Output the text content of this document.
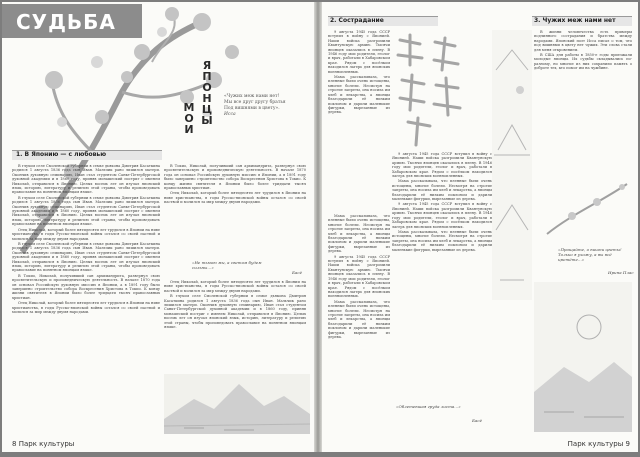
СУДЬБА
ЯПОНЦЫ
МОИ
«Чужих меж нами нет!
Мы все друг другу братья
Под вишнями в цвету».
Исса
1. В Японию — с любовью

В глухом селе Смоленской губернии в семье дьякона Дмитрия Касаткина родился 1 августа 1836 года сын Иван. Мальчик рано лишился матери. Окончив духовную семинарию, Иван стал студентом Санкт-Петербургской духовной академии и в 1860 году, приняв монашеский постриг с именем Николай, отправился в Японию. Целых восемь лет он изучал японский язык, историю, литературу и религию этой страны, чтобы проповедовать православие на понятном японцам языке.

В глухом селе Смоленской губернии в семье дьякона Дмитрия Касаткина родился 1 августа 1836 года сын Иван. Мальчик рано лишился матери. Окончив духовную семинарию, Иван стал студентом Санкт-Петербургской духовной академии и в 1860 году, приняв монашеский постриг с именем Николай, отправился в Японию. Целых восемь лет он изучал японский язык, историю, литературу и религию этой страны, чтобы проповедовать православие на понятном японцам языке.

Отец Николай, который более пятидесяти лет трудился в Японии на ниве христианства, в годы Русско-японской войны остался со своей паствой и молился за мир между двумя народами.

В глухом селе Смоленской губернии в семье дьякона Дмитрия Касаткина родился 1 августа 1836 года сын Иван. Мальчик рано лишился матери. Окончив духовную семинарию, Иван стал студентом Санкт-Петербургской духовной академии и в 1860 году, приняв монашеский постриг с именем Николай, отправился в Японию. Целых восемь лет он изучал японский язык, историю, литературу и религию этой страны, чтобы проповедовать православие на понятном японцам языке.

В Токио, Николай, получивший сан архимандрита, развернул свою просветительскую и проповедническую деятельность. В начале 1870 года он основал Российскую духовную миссию в Японии, а в 1891 году было завершено строительство собора Воскресения Христова в Токио. К концу жизни святителя в Японии было более тридцати тысяч православных христиан.

Отец Николай, который более пятидесяти лет трудился в Японии на ниве христианства, в годы Русско-японской войны остался со своей паствой и молился за мир между двумя народами.

В Токио, Николай, получивший сан архимандрита, развернул свою просветительскую и проповедническую деятельность. В начале 1870 года он основал Российскую духовную миссию в Японии, а в 1891 году было завершено строительство собора Воскресения Христова в Токио. К концу жизни святителя в Японии было более тридцати тысяч православных христиан.

Отец Николай, который более пятидесяти лет трудился в Японии на ниве христианства, в годы Русско-японской войны остался со своей паствой и молился за мир между двумя народами.

«Не тьмою мы, а светом будем сильны…»
Басё

Отец Николай, который более пятидесяти лет трудился в Японии на ниве христианства, в годы Русско-японской войны остался со своей паствой и молился за мир между двумя народами.

В глухом селе Смоленской губернии в семье дьякона Дмитрия Касаткина родился 1 августа 1836 года сын Иван. Мальчик рано лишился матери. Окончив духовную семинарию, Иван стал студентом Санкт-Петербургской духовной академии и в 1860 году, приняв монашеский постриг с именем Николай, отправился в Японию. Целых восемь лет он изучал японский язык, историю, литературу и религию этой страны, чтобы проповедовать православие на понятном японцам языке.

8 Парк культуры
2. Сострадание	3. Чужих меж нами нет

9 августа 1945 года СССР вступил в войну с Японией. Наши войска разгромили Квантунскую армию. Тысячи японцев оказались в плену. В 1946 году мои родители, геолог и врач, работали в Хабаровском крае. Рядом с посёлком находился лагерь для японских военнопленных.

Мама рассказывала, что пленные были очень истощены, многие болели. Несмотря на строгие запреты, она носила им хлеб и лекарства, а японцы благодарили её низким поклоном и дарили маленькие фигурки, вырезанные из дерева.

9 августа 1945 года СССР вступил в войну с Японией. Наши войска разгромили Квантунскую армию. Тысячи японцев оказались в плену. В 1946 году мои родители, геолог и врач, работали в Хабаровском крае. Рядом с посёлком находился лагерь для японских военнопленных.

Мама рассказывала, что пленные были очень истощены, многие болели. Несмотря на строгие запреты, она носила им хлеб и лекарства, а японцы благодарили её низким поклоном и дарили маленькие фигурки, вырезанные из дерева.

9 августа 1945 года СССР вступил в войну с Японией. Наши войска разгромили Квантунскую армию. Тысячи японцев оказались в плену. В 1946 году мои родители, геолог и врач, работали в Хабаровском крае. Рядом с посёлком находился лагерь для японских военнопленных.

Мама рассказывала, что пленные были очень истощены, многие болели. Несмотря на строгие запреты, она носила им хлеб и лекарства, а японцы благодарили её низким поклоном и дарили маленькие фигурки, вырезанные из дерева.

Мама рассказывала, что пленные были очень истощены, многие болели. Несмотря на строгие запреты, она носила им хлеб и лекарства, а японцы благодарили её низким поклоном и дарили маленькие фигурки, вырезанные из дерева.

9 августа 1945 года СССР вступил в войну с Японией. Наши войска разгромили Квантунскую армию. Тысячи японцев оказались в плену. В 1946 году мои родители, геолог и врач, работали в Хабаровском крае. Рядом с посёлком находился лагерь для японских военнопленных.

Мама рассказывала, что пленные были очень истощены, многие болели. Несмотря на строгие запреты, она носила им хлеб и лекарства, а японцы благодарили её низким поклоном и дарили маленькие фигурки, вырезанные из дерева.

В жизни человечества есть примеры подлинного сострадания и братства между народами. Японский поэт Исса писал о том, что под вишнями в цвету нет чужих. Эти слова стали для меня откровением.

В США для работы в 1850-е годы приезжали молодые японцы. Их судьбы складывались по-разному, но многие из них сохранили память о доброте тех, кто помог им на чужбине.

«Прощайте, о вишни цветы! Только я ухожу, а вы всё цветёте…»
Ирина Плас
«Облетевшая груда листа…»
Басё
Парк культуры 9
